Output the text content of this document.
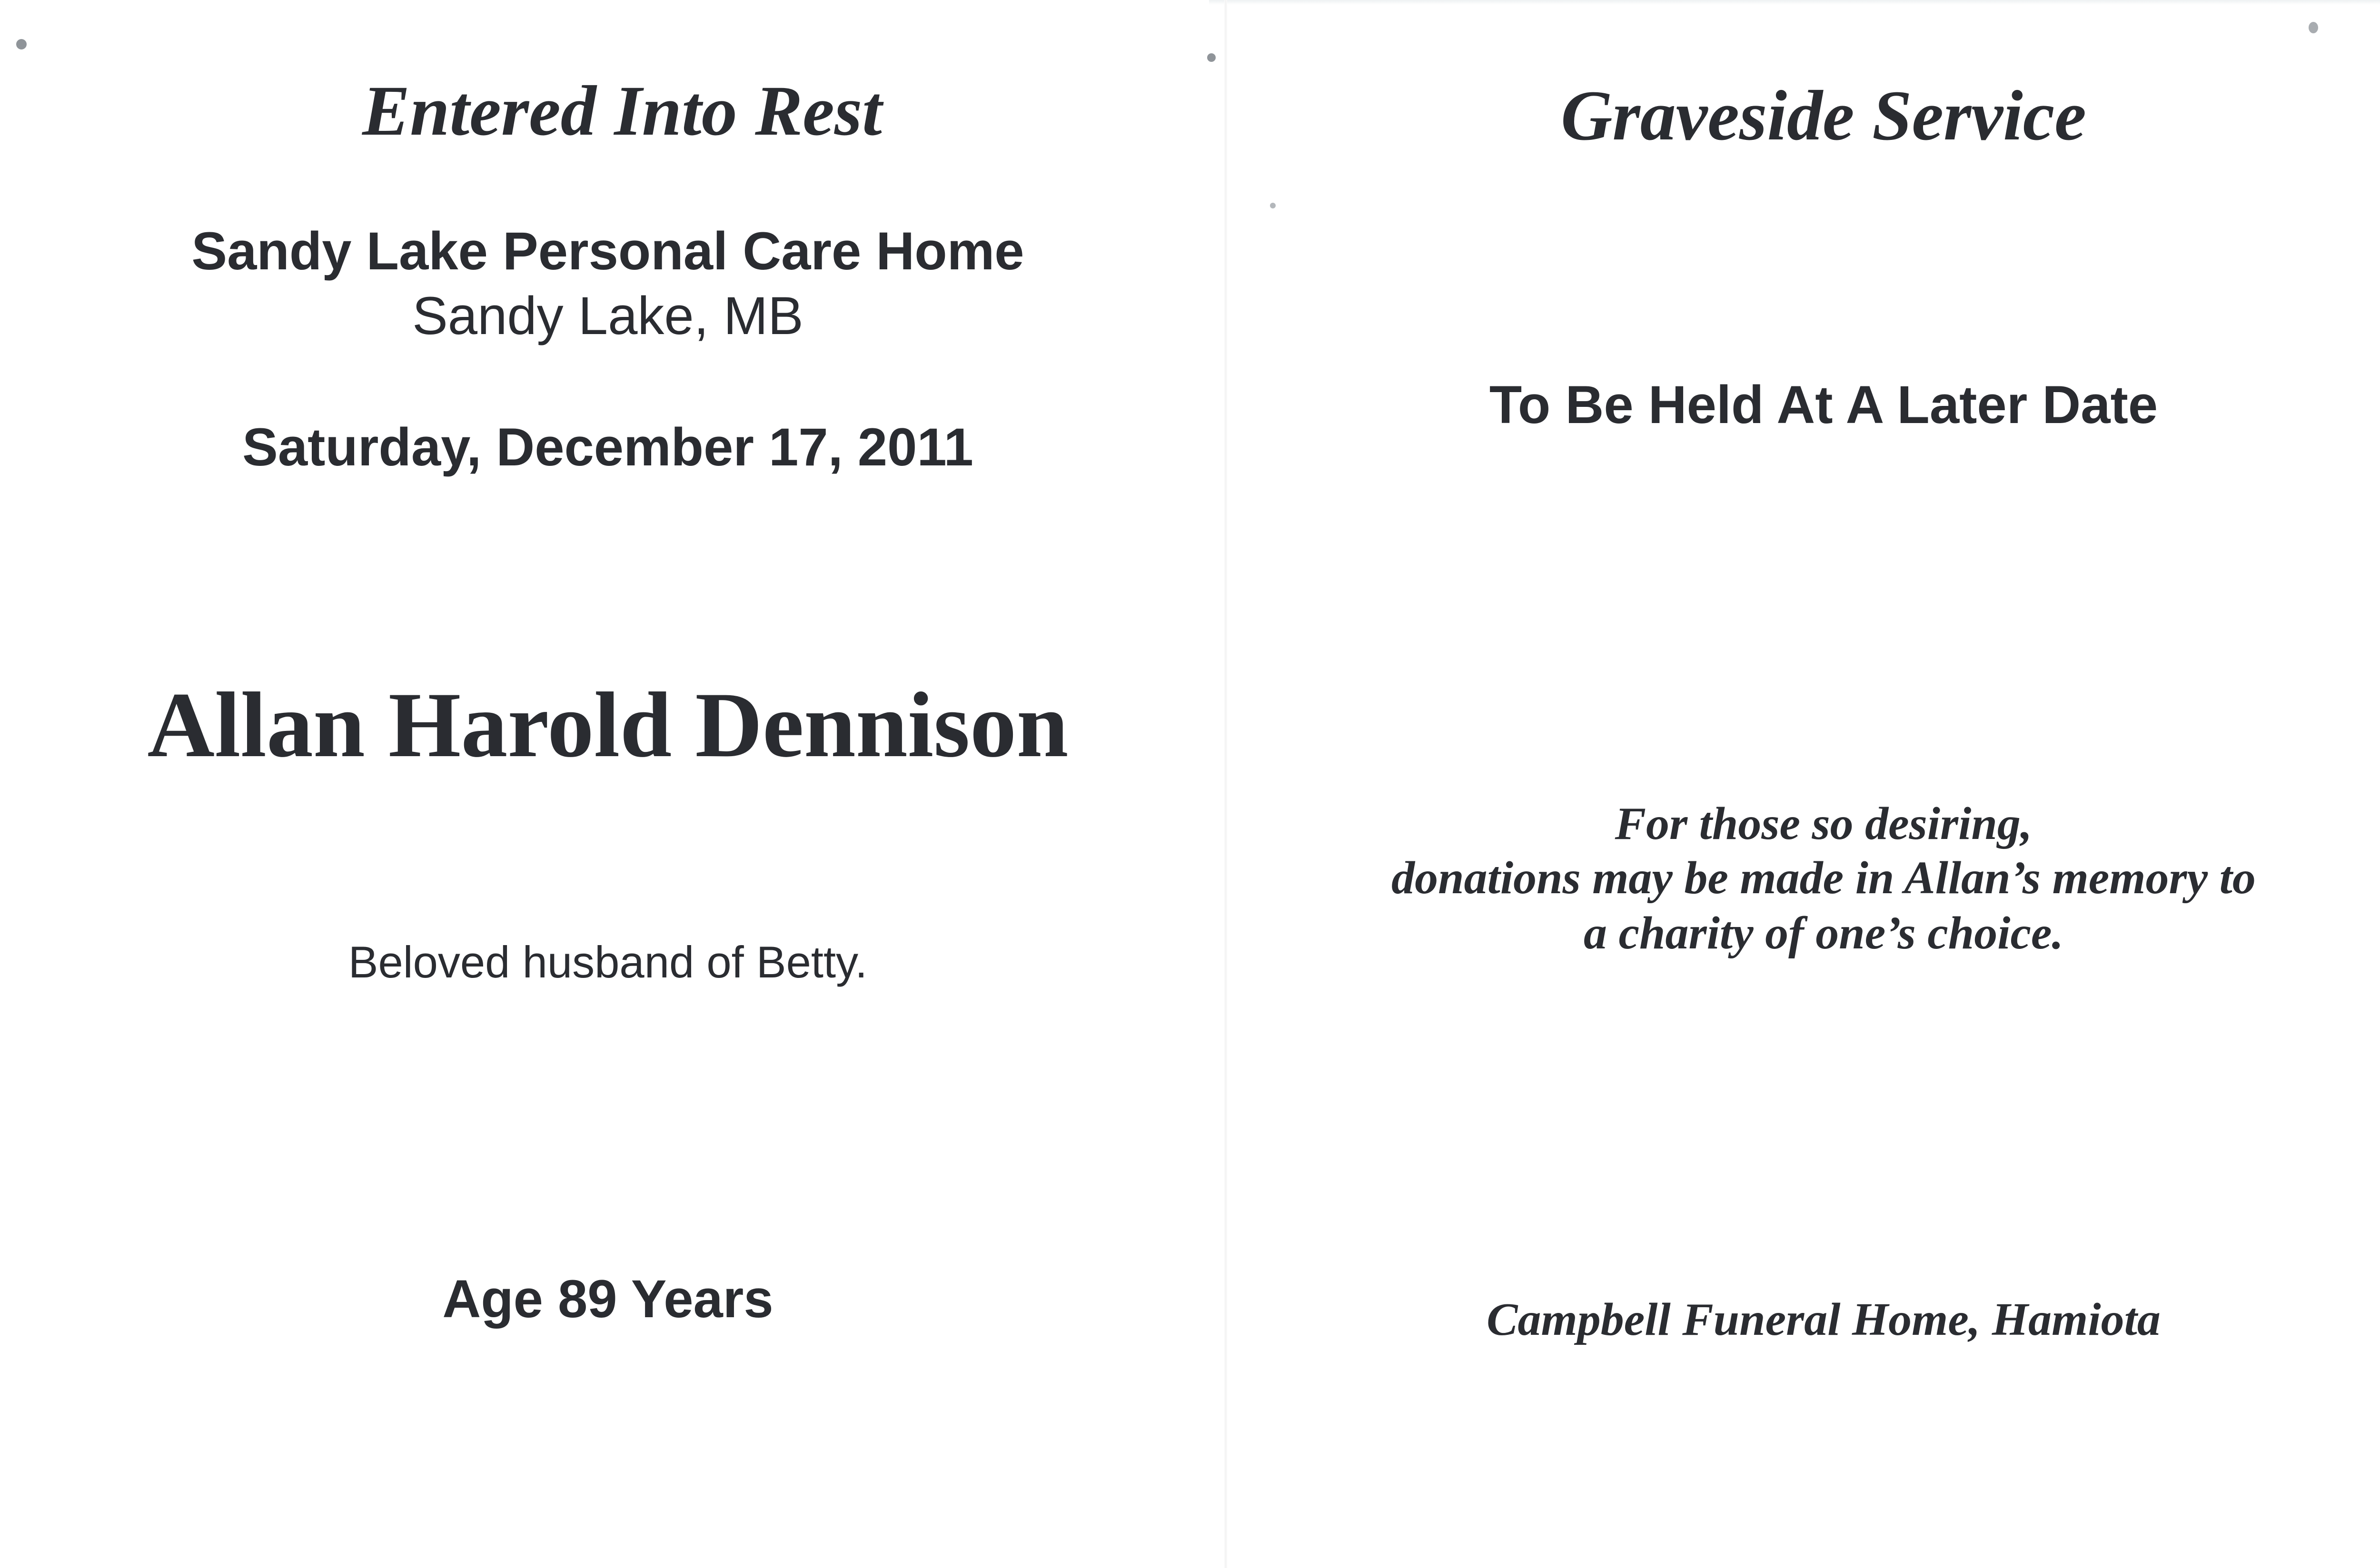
Entered Into Rest
Sandy Lake Personal Care Home
Sandy Lake, MB
Saturday, December 17, 2011
Allan Harold Dennison
Beloved husband of Betty.
Age 89 Years
Graveside Service
To Be Held At A Later Date
For those so desiring,
donations may be made in Allan’s memory to
a charity of one’s choice.
Campbell Funeral Home, Hamiota
